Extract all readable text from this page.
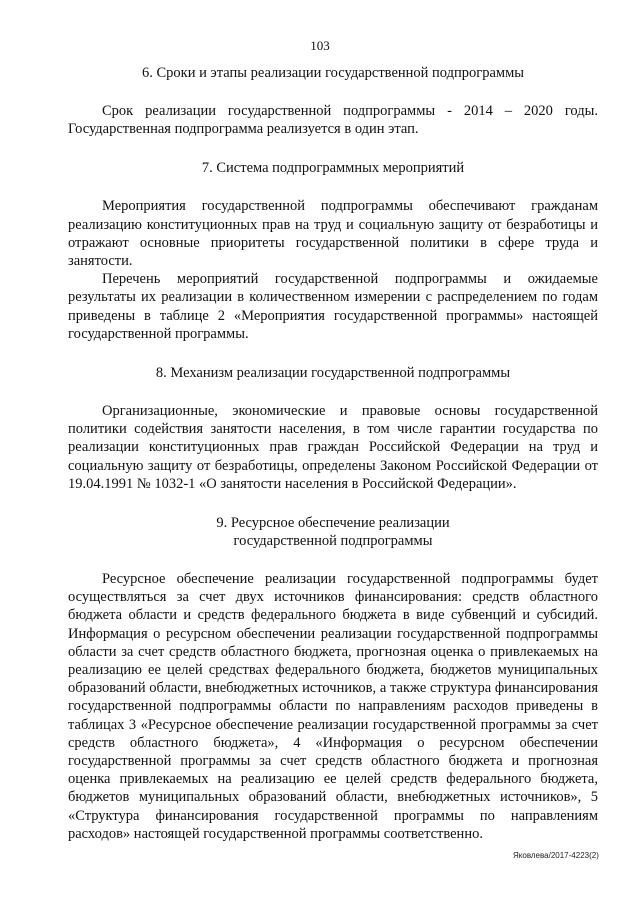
103

6. Сроки и этапы реализации государственной подпрограммы

Срок реализации государственной подпрограммы - 2014 – 2020 годы. Государственная подпрограмма реализуется в один этап.

7. Система подпрограммных мероприятий

Мероприятия государственной подпрограммы обеспечивают гражданам реализацию конституционных прав на труд и социальную защиту от безработицы и отражают основные приоритеты государственной политики в сфере труда и занятости.

Перечень мероприятий государственной подпрограммы и ожидаемые результаты их реализации в количественном измерении с распределением по годам приведены в таблице 2 «Мероприятия государственной программы» настоящей государственной программы.

8. Механизм реализации государственной подпрограммы

Организационные, экономические и правовые основы государственной политики содействия занятости населения, в том числе гарантии государства по реализации конституционных прав граждан Российской Федерации на труд и социальную защиту от безработицы, определены Законом Российской Федерации от 19.04.1991 № 1032-1 «О занятости населения в Российской Федерации».

9. Ресурсное обеспечение реализации

государственной подпрограммы

Ресурсное обеспечение реализации государственной подпрограммы будет осуществляться за счет двух источников финансирования: средств областного бюджета области и средств федерального бюджета в виде субвенций и субсидий. Информация о ресурсном обеспечении реализации государственной подпрограммы области за счет средств областного бюджета, прогнозная оценка о привлекаемых на реализацию ее целей средствах федерального бюджета, бюджетов муниципальных образований области, внебюджетных источников, а также структура финансирования государственной подпрограммы области по направлениям расходов приведены в таблицах 3 «Ресурсное обеспечение реализации государственной программы за счет средств областного бюджета», 4 «Информация о ресурсном обеспечении государственной программы за счет средств областного бюджета и прогнозная оценка привлекаемых на реализацию ее целей средств федерального бюджета, бюджетов муниципальных образований области, внебюджетных источников», 5 «Структура финансирования государственной программы по направлениям расходов» настоящей государственной программы соответственно.

Яковлева/2017-4223(2)
